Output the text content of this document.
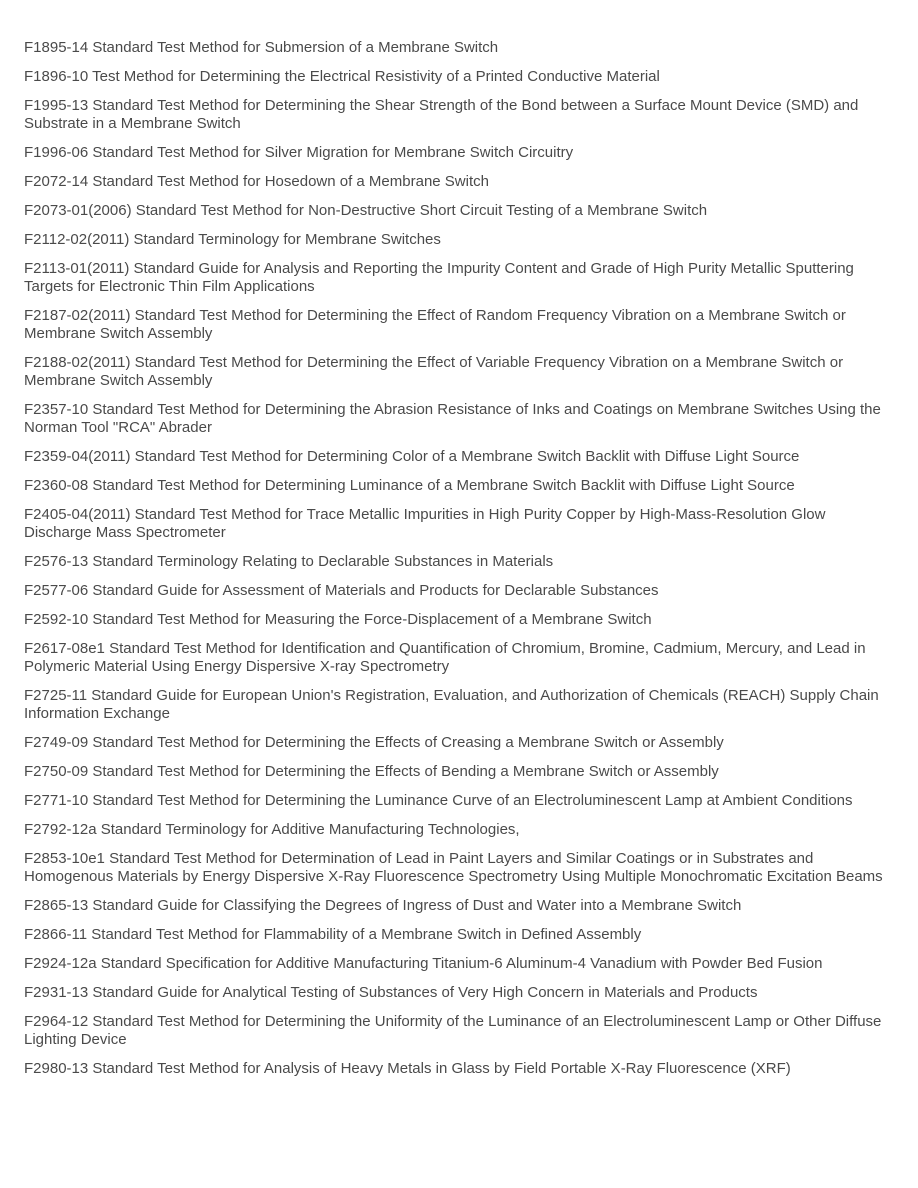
F1895-14 Standard Test Method for Submersion of a Membrane Switch

F1896-10 Test Method for Determining the Electrical Resistivity of a Printed Conductive Material

F1995-13 Standard Test Method for Determining the Shear Strength of the Bond between a Surface Mount Device (SMD) and Substrate in a Membrane Switch

F1996-06 Standard Test Method for Silver Migration for Membrane Switch Circuitry

F2072-14 Standard Test Method for Hosedown of a Membrane Switch

F2073-01(2006) Standard Test Method for Non-Destructive Short Circuit Testing of a Membrane Switch

F2112-02(2011) Standard Terminology for Membrane Switches

F2113-01(2011) Standard Guide for Analysis and Reporting the Impurity Content and Grade of High Purity Metallic Sputtering Targets for Electronic Thin Film Applications

F2187-02(2011) Standard Test Method for Determining the Effect of Random Frequency Vibration on a Membrane Switch or Membrane Switch Assembly

F2188-02(2011) Standard Test Method for Determining the Effect of Variable Frequency Vibration on a Membrane Switch or Membrane Switch Assembly

F2357-10 Standard Test Method for Determining the Abrasion Resistance of Inks and Coatings on Membrane Switches Using the Norman Tool "RCA" Abrader

F2359-04(2011) Standard Test Method for Determining Color of a Membrane Switch Backlit with Diffuse Light Source

F2360-08 Standard Test Method for Determining Luminance of a Membrane Switch Backlit with Diffuse Light Source

F2405-04(2011) Standard Test Method for Trace Metallic Impurities in High Purity Copper by High-Mass-Resolution Glow Discharge Mass Spectrometer

F2576-13 Standard Terminology Relating to Declarable Substances in Materials

F2577-06 Standard Guide for Assessment of Materials and Products for Declarable Substances

F2592-10 Standard Test Method for Measuring the Force-Displacement of a Membrane Switch

F2617-08e1 Standard Test Method for Identification and Quantification of Chromium, Bromine, Cadmium, Mercury, and Lead in Polymeric Material Using Energy Dispersive X-ray Spectrometry

F2725-11 Standard Guide for European Union's Registration, Evaluation, and Authorization of Chemicals (REACH) Supply Chain Information Exchange

F2749-09 Standard Test Method for Determining the Effects of Creasing a Membrane Switch or Assembly

F2750-09 Standard Test Method for Determining the Effects of Bending a Membrane Switch or Assembly

F2771-10 Standard Test Method for Determining the Luminance Curve of an Electroluminescent Lamp at Ambient Conditions

F2792-12a Standard Terminology for Additive Manufacturing Technologies,

F2853-10e1 Standard Test Method for Determination of Lead in Paint Layers and Similar Coatings or in Substrates and Homogenous Materials by Energy Dispersive X-Ray Fluorescence Spectrometry Using Multiple Monochromatic Excitation Beams

F2865-13 Standard Guide for Classifying the Degrees of Ingress of Dust and Water into a Membrane Switch

F2866-11 Standard Test Method for Flammability of a Membrane Switch in Defined Assembly

F2924-12a Standard Specification for Additive Manufacturing Titanium-6 Aluminum-4 Vanadium with Powder Bed Fusion

F2931-13 Standard Guide for Analytical Testing of Substances of Very High Concern in Materials and Products

F2964-12 Standard Test Method for Determining the Uniformity of the Luminance of an Electroluminescent Lamp or Other Diffuse Lighting Device

F2980-13 Standard Test Method for Analysis of Heavy Metals in Glass by Field Portable X-Ray Fluorescence (XRF)
